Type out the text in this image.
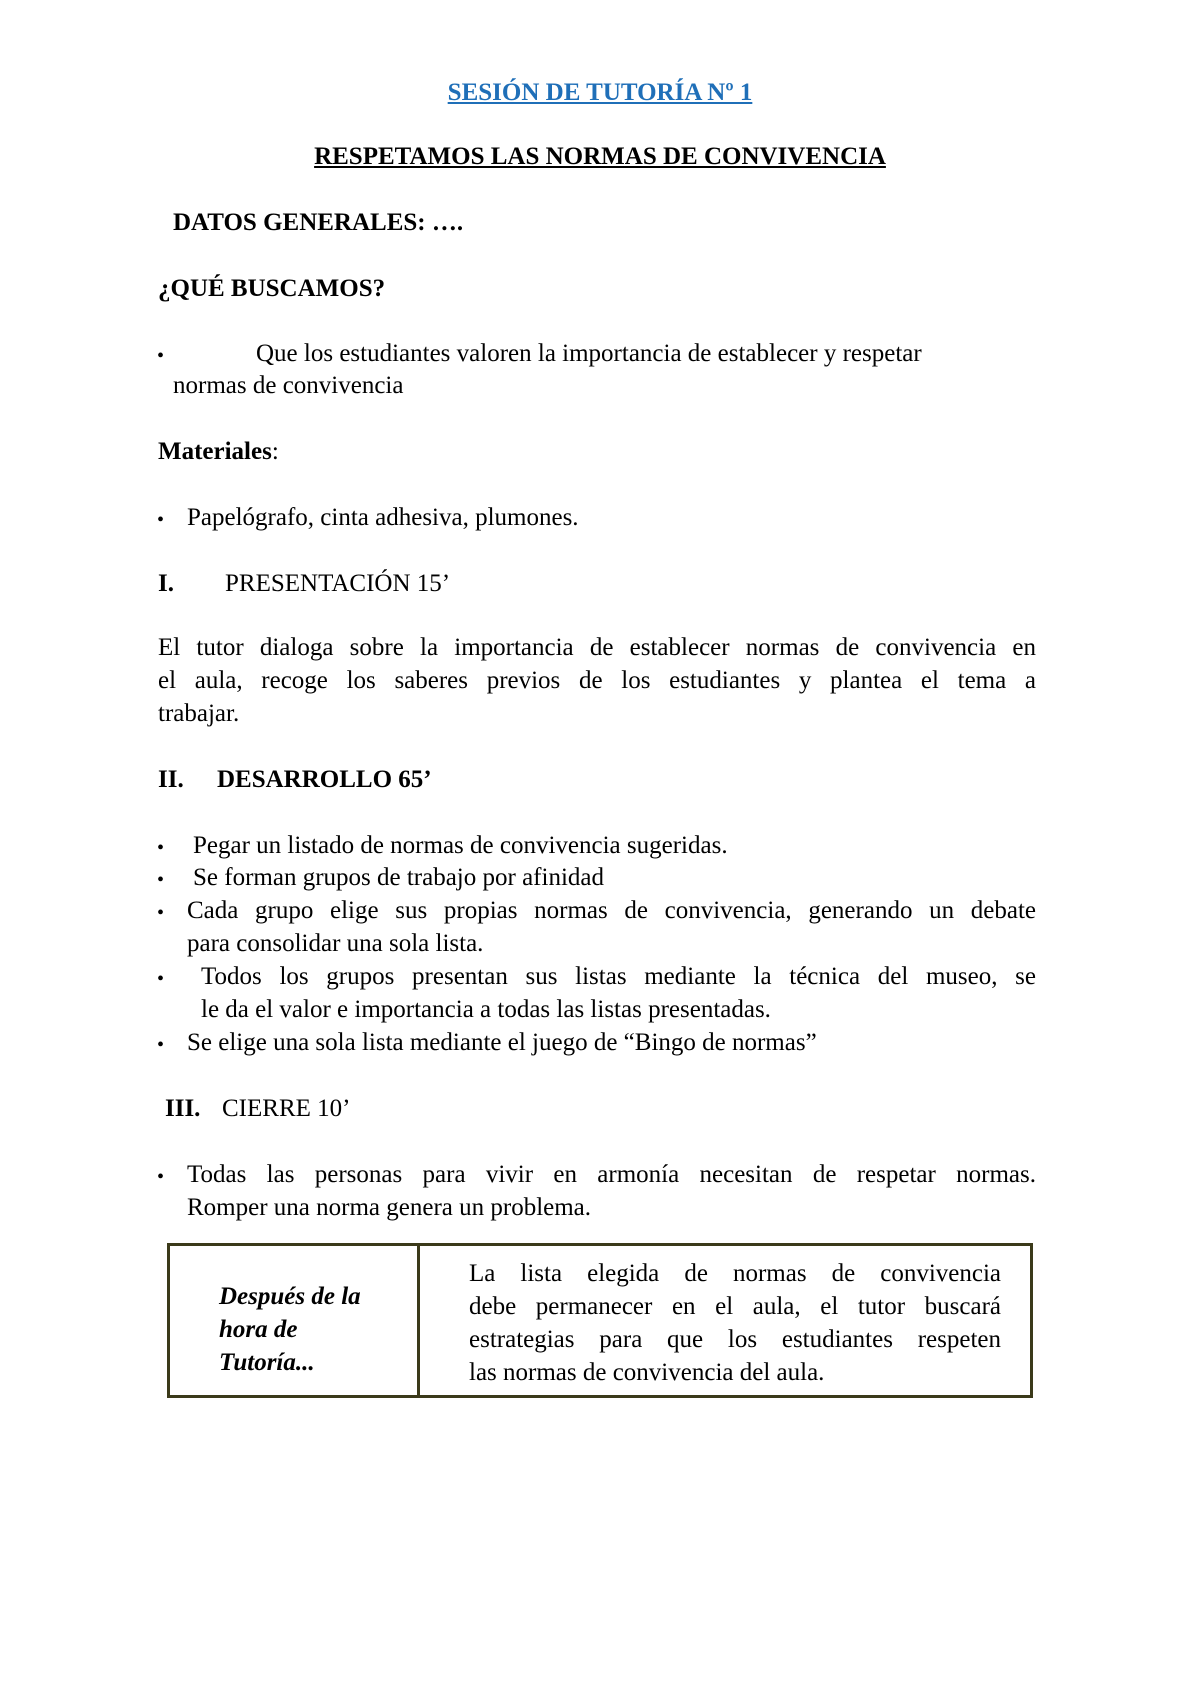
SESIÓN DE TUTORÍA Nº 1
RESPETAMOS LAS NORMAS DE CONVIVENCIA
DATOS GENERALES: ….
¿QUÉ BUSCAMOS?
•	Que los estudiantes valoren la importancia de establecer y respetar
normas de convivencia
Materiales:
• Papelógrafo, cinta adhesiva, plumones.
I. PRESENTACIÓN 15’
El tutor dialoga sobre la importancia de establecer normas de convivencia en
el aula, recoge los saberes previos de los estudiantes y plantea el tema a
trabajar.
II. DESARROLLO 65’
• Pegar un listado de normas de convivencia sugeridas.
• Se forman grupos de trabajo por afinidad
• Cada grupo elige sus propias normas de convivencia, generando un debate
para consolidar una sola lista.
• Todos los grupos presentan sus listas mediante la técnica del museo, se
le da el valor e importancia a todas las listas presentadas.
• Se elige una sola lista mediante el juego de “Bingo de normas”
III. CIERRE 10’
• Todas las personas para vivir en armonía necesitan de respetar normas.
Romper una norma genera un problema.
Después de la hora de Tutoría...
La lista elegida de normas de convivencia
debe permanecer en el aula, el tutor buscará
estrategias para que los estudiantes respeten
las normas de convivencia del aula.
